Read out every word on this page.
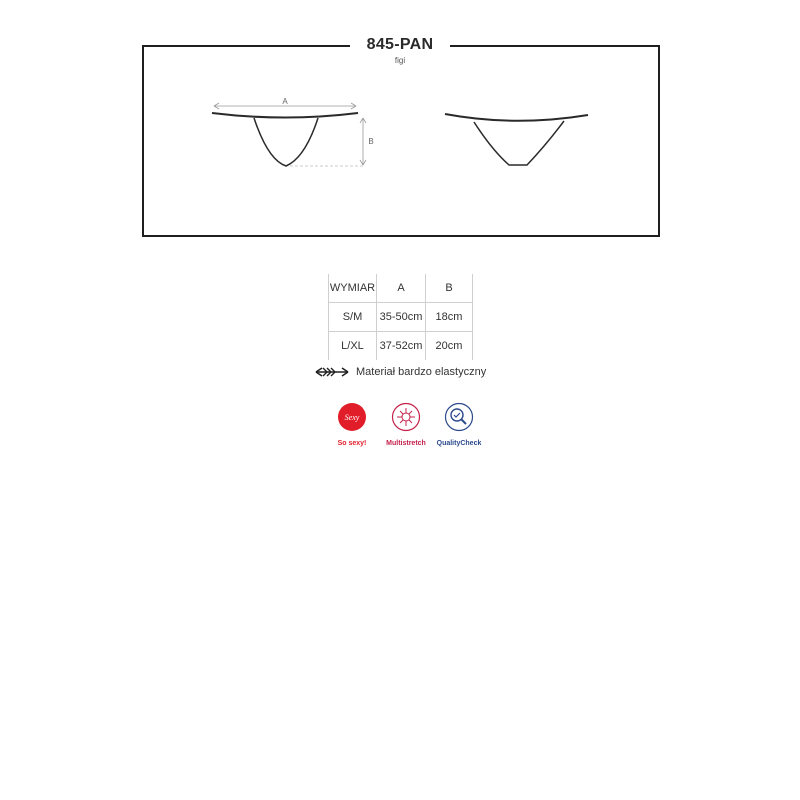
845-PAN
figi
A
B
WYMIAR	A	B
S/M	35-50cm	18cm
L/XL	37-52cm	20cm
Materiał bardzo elastyczny
Sexy
So sexy!	Multistretch	QualityCheck
